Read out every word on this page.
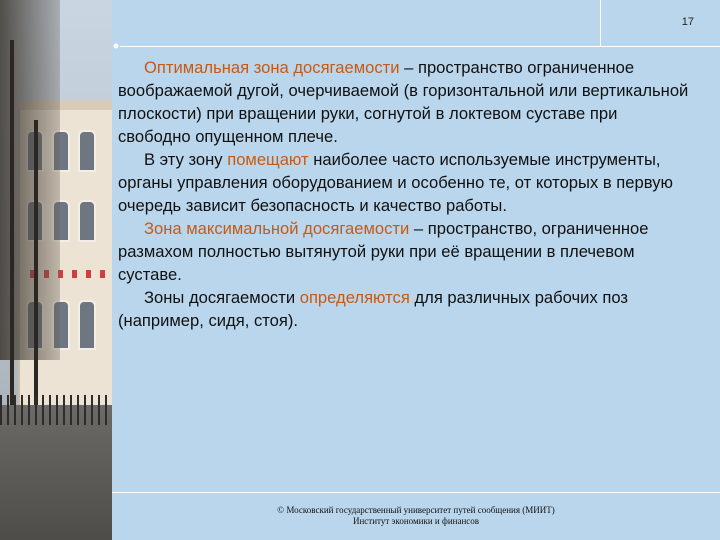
17

Оптимальная зона досягаемости – пространство ограниченное воображаемой дугой, очерчиваемой (в горизонтальной или вертикальной плоскости) при вращении руки, согнутой в локтевом суставе при свободно опущенном плече.

В эту зону помещают наиболее часто используемые инструменты, органы управления оборудованием и особенно те, от которых в первую очередь зависит безопасность и качество работы.

Зона максимальной досягаемости – пространство, ограниченное размахом полностью вытянутой руки при её вращении в плечевом суставе.

Зоны досягаемости определяются для различных рабочих поз (например, сидя, стоя).

© Московский государственный университет путей сообщения (МИИТ)
Институт экономики и финансов
